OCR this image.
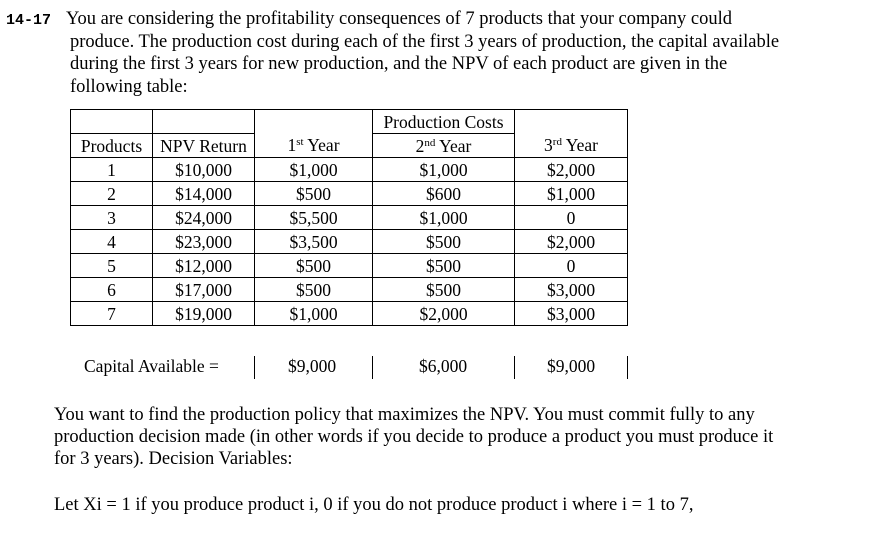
14-17 You are considering the profitability consequences of 7 products that your company could
produce. The production cost during each of the first 3 years of production, the capital available
during the first 3 years for new production, and the NPV of each product are given in the
following table:
			Production Costs	
Products	NPV Return	1st Year	2nd Year	3rd Year
1	$10,000	$1,000	$1,000	$2,000
2	$14,000	$500	$600	$1,000
3	$24,000	$5,500	$1,000	0
4	$23,000	$3,500	$500	$2,000
5	$12,000	$500	$500	0
6	$17,000	$500	$500	$3,000
7	$19,000	$1,000	$2,000	$3,000
Capital Available =	$9,000	$6,000	$9,000
You want to find the production policy that maximizes the NPV. You must commit fully to any
production decision made (in other words if you decide to produce a product you must produce it
for 3 years). Decision Variables:
Let Xi = 1 if you produce product i, 0 if you do not produce product i where i = 1 to 7,
